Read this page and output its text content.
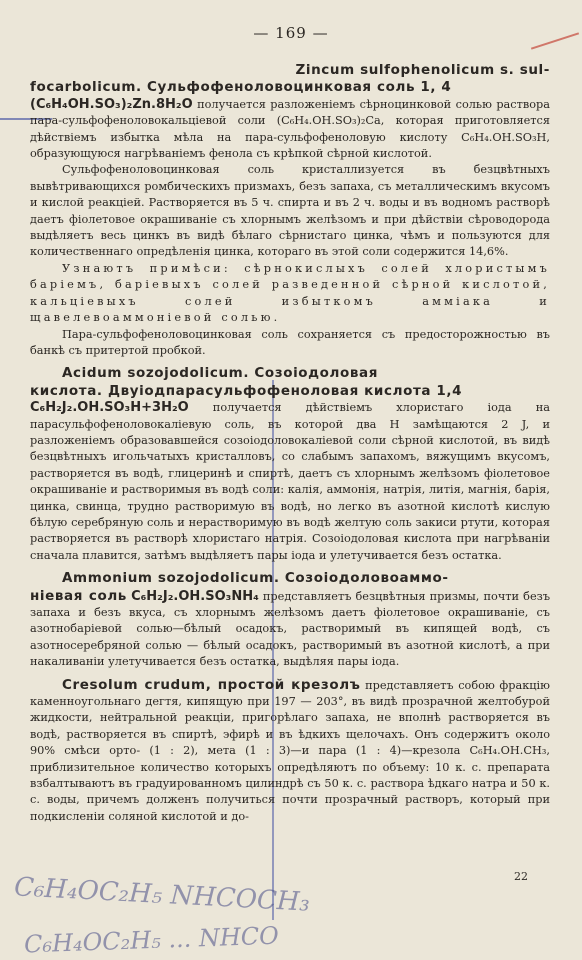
— 169 —

Zincum sulfophenolicum s. sul-

focarbolicum. Сульфофеноловоцинковая соль 1, 4

(C₆H₄OH.SO₃)₂Zn.8H₂O получается разложеніемъ сѣрноцинковой солью раствора пара-сульфофеноловокальціевой соли (C₆H₄.OH.SO₃)₂Ca, которая приготовляется дѣйствіемъ избытка мѣла на пара-сульфофеноловую кислоту C₆H₄.OH.SO₃H, образующуюся нагрѣваніемъ фенола съ крѣпкой сѣрной кислотой.

Сульфофеноловоцинковая соль кристаллизуется въ безцвѣтныхъ вывѣтривающихся ромбическихъ призмахъ, безъ запаха, съ металлическимъ вкусомъ и кислой реакціей. Растворяется въ 5 ч. спирта и въ 2 ч. воды и въ водномъ растворѣ даетъ фіолетовое окрашиваніе съ хлорнымъ желѣзомъ и при дѣйствіи сѣроводорода выдѣляетъ весь цинкъ въ видѣ бѣлаго сѣрнистаго цинка, чѣмъ и пользуются для количественнаго опредѣленія цинка, котораго въ этой соли содержится 14,6%.

Узнаютъ примѣси: сѣрнокислыхъ солей хлористымъ баріемъ, баріевыхъ солей разведенной сѣрной кислотой, кальціевыхъ солей избыткомъ аммiака и щавелевоаммоніевой солью.

Пара-сульфофеноловоцинковая соль сохраняется съ предосторожностью въ банкѣ съ притертой пробкой.

Acidum sozojodolicum. Созоіодоловая

кислота. Двуіодпарасульфофеноловая кислота 1,4

C₆H₂J₂.OH.SO₃H+3H₂O получается дѣйствіемъ хлористаго іода на парасульфофеноловокаліевую соль, въ которой два H замѣщаются 2 J, и разложеніемъ образовавшейся созоіодоловокаліевой соли сѣрной кислотой, въ видѣ безцвѣтныхъ игольчатыхъ кристалловъ, со слабымъ запахомъ, вяжущимъ вкусомъ, растворяется въ водѣ, глицеринѣ и спиртѣ, даетъ съ хлорнымъ желѣзомъ фіолетовое окрашиваніе и растворимыя въ водѣ соли: калія, аммонія, натрія, литія, магнія, барія, цинка, свинца, трудно растворимую въ водѣ, но легко въ азотной кислотѣ кислую бѣлую серебряную соль и нерастворимую въ водѣ желтую соль закиси ртути, которая растворяется въ растворѣ хлористаго натрія. Созоіодоловая кислота при нагрѣваніи сначала плавится, затѣмъ выдѣляетъ пары іода и улетучивается безъ остатка.

Ammonium sozojodolicum. Созоіодоловоаммо-

ніевая соль C₆H₂J₂.OH.SO₃NH₄ представляетъ безцвѣтныя призмы, почти безъ запаха и безъ вкуса, съ хлорнымъ желѣзомъ даетъ фіолетовое окрашиваніе, съ азотнобаріевой солью—бѣлый осадокъ, растворимый въ кипящей водѣ, съ азотносеребряной солью — бѣлый осадокъ, растворимый въ азотной кислотѣ, а при накаливаніи улетучивается безъ остатка, выдѣляя пары іода.

Cresolum crudum, простой крезолъ представляетъ собою фракцію каменноугольнаго дегтя, кипящую при 197 — 203°, въ видѣ прозрачной желтобурой жидкости, нейтральной реакціи, пригорѣлаго запаха, не вполнѣ растворяется въ водѣ, растворяется въ спиртѣ, эфирѣ и въ ѣдкихъ щелочахъ. Онъ содержитъ около 90% смѣси орто- (1 : 2), мета (1 : 3)—и пара (1 : 4)—крезола C₆H₄.OH.CH₃, приблизительное количество которыхъ опредѣляютъ по объему: 10 к. с. препарата взбалтываютъ въ градуированномъ цилиндрѣ съ 50 к. с. раствора ѣдкаго натра и 50 к. с. воды, причемъ долженъ получиться почти прозрачный растворъ, который при подкисленіи соляной кислотой и до-

22
C₆H₄OC₂H₅ NHCOCH₃
C₆H₄OC₂H₅ ... NHCO
